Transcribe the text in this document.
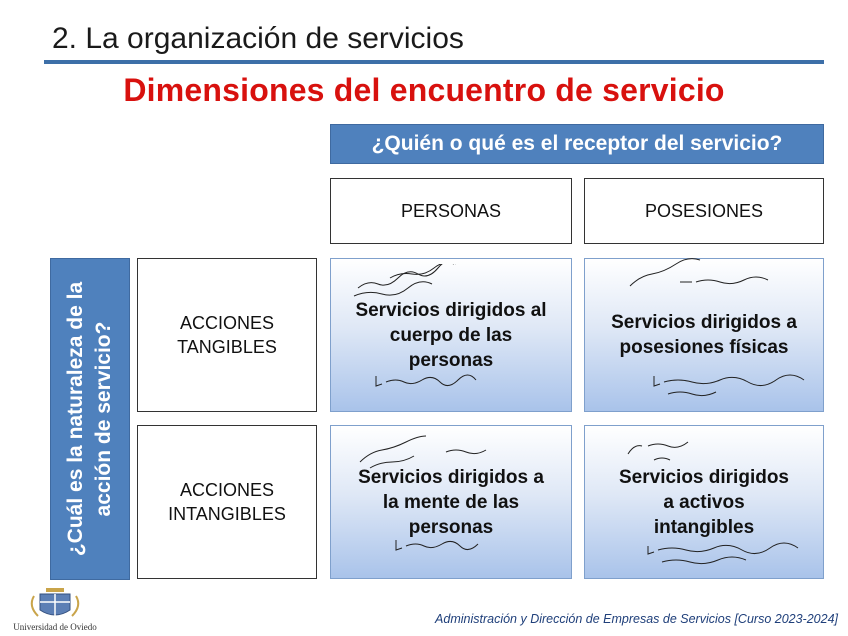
2. La organización de servicios
Dimensiones del encuentro de servicio
¿Quién o qué es el receptor del servicio?
PERSONAS	POSESIONES
¿Cuál es la naturaleza de la acción de servicio?	ACCIONES TANGIBLES
ACCIONES INTANGIBLES
Servicios dirigidos al cuerpo de las personas
Servicios dirigidos a posesiones físicas
Servicios dirigidos a la mente de las personas
Servicios dirigidos a activos intangibles
Universidad de Oviedo
Administración y Dirección de Empresas de Servicios [Curso 2023-2024]
